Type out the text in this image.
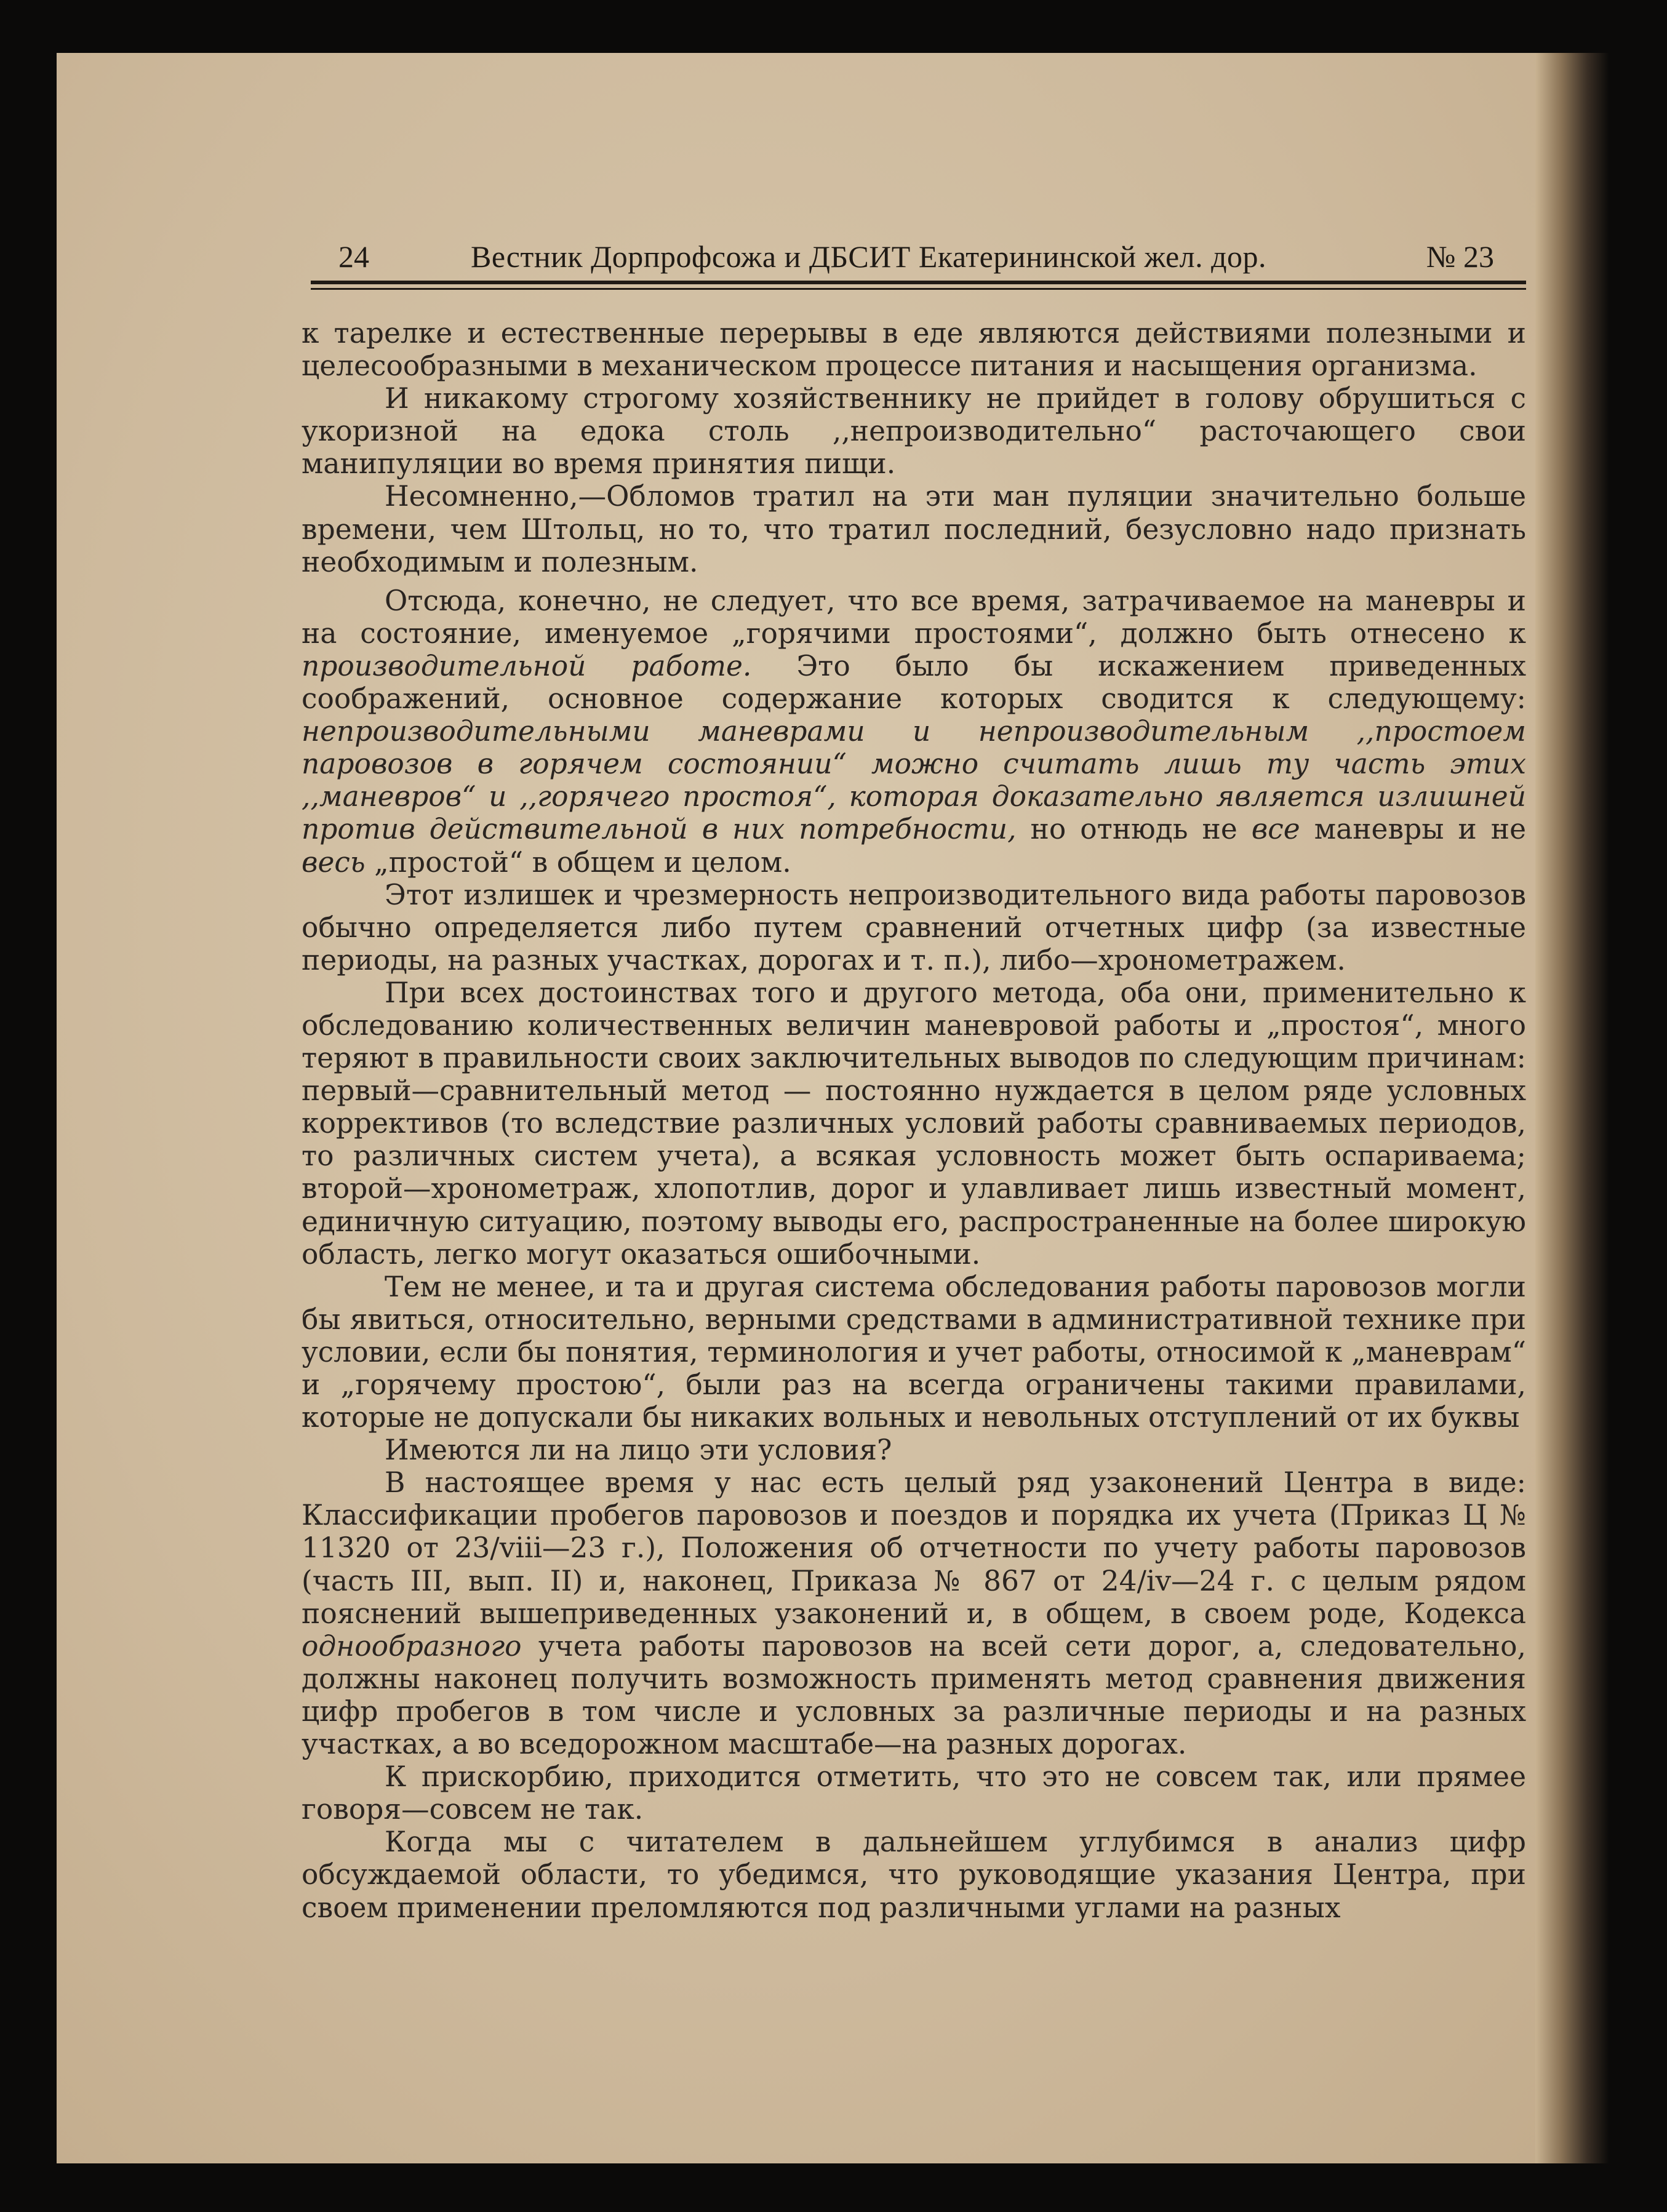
24	Вестник Дорпрофсожа и ДБСИТ Екатерининской жел. дор.	№ 23

к тарелке и естественные перерывы в еде являются действиями полезными и целесообразными в механическом процессе питания и насыщения организма.

И никакому строгому хозяйственнику не прийдет в голову обрушиться с укоризной на едока столь ,,непроизводительно“ расточающего свои манипуляции во время принятия пищи.

Несомненно,—Обломов тратил на эти ман пуляции значительно больше времени, чем Штольц, но то, что тратил последний, безусловно надо признать необходимым и полезным.

Отсюда, конечно, не следует, что все время, затрачиваемое на маневры и на состояние, именуемое „горячими простоями“, должно быть отнесено к производительной работе. Это было бы искажением приведенных соображений, основное содержание которых сводится к следующему: непроизводительными маневрами и непроизводительным ,,простоем паровозов в горячем состоянии“ можно считать лишь ту часть этих ,,маневров“ и ,,горячего простоя“, которая доказательно является излишней против действительной в них потребности, но отнюдь не все маневры и не весь „простой“ в общем и целом.

Этот излишек и чрезмерность непроизводительного вида работы паровозов обычно определяется либо путем сравнений отчетных цифр (за известные периоды, на разных участках, дорогах и т. п.), либо—хронометражем.

При всех достоинствах того и другого метода, оба они, применительно к обследованию количественных величин маневровой работы и „простоя“, много теряют в правильности своих заключительных выводов по следующим причинам: первый—сравнительный метод — постоянно нуждается в целом ряде условных коррективов (то вследствие различных условий работы сравниваемых периодов, то различных систем учета), а всякая условность может быть оспариваема; второй—хронометраж, хлопотлив, дорог и улавливает лишь известный момент, единичную ситуацию, поэтому выводы его, распространенные на более широкую область, легко могут оказаться ошибочными.

Тем не менее, и та и другая система обследования работы паровозов могли бы явиться, относительно, верными средствами в административной технике при условии, если бы понятия, терминология и учет работы, относимой к „маневрам“ и „горячему простою“, были раз на всегда ограничены такими правилами, которые не допускали бы никаких вольных и невольных отступлений от их буквы

Имеются ли на лицо эти условия?

В настоящее время у нас есть целый ряд узаконений Центра в виде: Классификации пробегов паровозов и поездов и порядка их учета (Приказ Ц № 11320 от 23/viii—23 г.), Положения об отчетности по учету работы паровозов (часть III, вып. II) и, наконец, Приказа № 867 от 24/iv—24 г. с целым рядом пояснений вышеприведенных узаконений и, в общем, в своем роде, Кодекса однообразного учета работы паровозов на всей сети дорог, а, следовательно, должны наконец получить возможность применять метод сравнения движения цифр пробегов в том числе и условных за различные периоды и на разных участках, а во вседорожном масштабе—на разных дорогах.

К прискорбию, приходится отметить, что это не совсем так, или прямее говоря—совсем не так.

Когда мы с читателем в дальнейшем углубимся в анализ цифр обсуждаемой области, то убедимся, что руководящие указания Центра, при своем применении преломляются под различными углами на разных
